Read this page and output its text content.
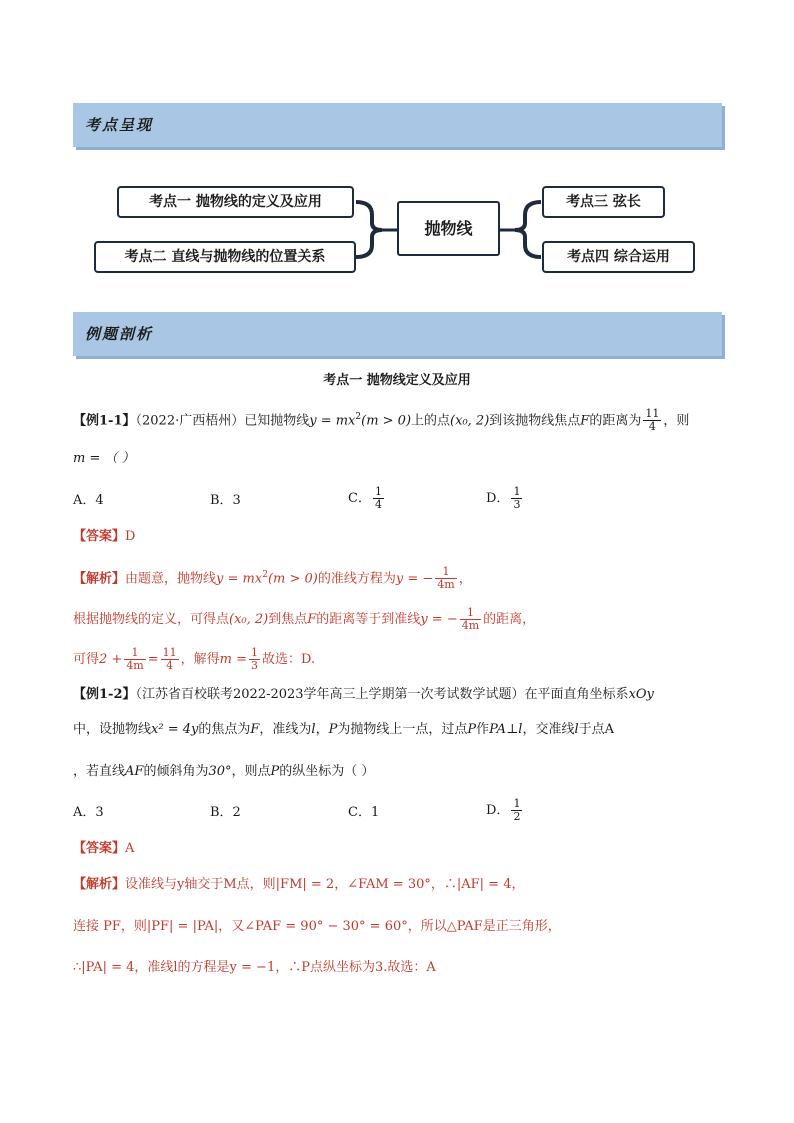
考点呈现
考点一 抛物线的定义及应用
考点二 直线与抛物线的位置关系
抛物线
考点三 弦长
考点四 综合运用
例题剖析
考点一 抛物线定义及应用
【例1-1】（2022·广西梧州）已知抛物线$y = mx^2(m > 0)$上的点(x₀, 2)到该抛物线焦点F的距离为 $\frac{11}{4}$ ，则
m = （ ）
A．4	B．3	C． $\frac{1}{4}$	D． $\frac{1}{3}$
【答案】D
【解析】由题意，抛物线$y = mx^2(m > 0)$的准线方程为y = − $\frac{1}{4m}$ ，
根据抛物线的定义，可得点(x₀, 2)到焦点F的距离等于到准线y = − $\frac{1}{4m}$ 的距离，
可得$2 + \frac{1}{4m} = \frac{11}{4}$ ，解得$m = \frac{1}{3}$ 故选：D.
【例1-2】（江苏省百校联考2022-2023学年高三上学期第一次考试数学试题）在平面直角坐标系xOy
中，设抛物线x² = 4y的焦点为F，准线为l，P为抛物线上一点，过点P作PA⊥l，交准线l于点A
，若直线AF的倾斜角为30°，则点P的纵坐标为（ ）
A．3	B．2	C．1	D． $\frac{1}{2}$
【答案】A
【解析】设准线与y轴交于M点，则|FM| = 2，∠FAM = 30°，∴|AF| = 4，
连接 PF，则|PF| = |PA|，又∠PAF = 90° − 30° = 60°，所以△PAF是正三角形，
∴|PA| = 4，准线l的方程是y = −1，∴P点纵坐标为3.故选：A
